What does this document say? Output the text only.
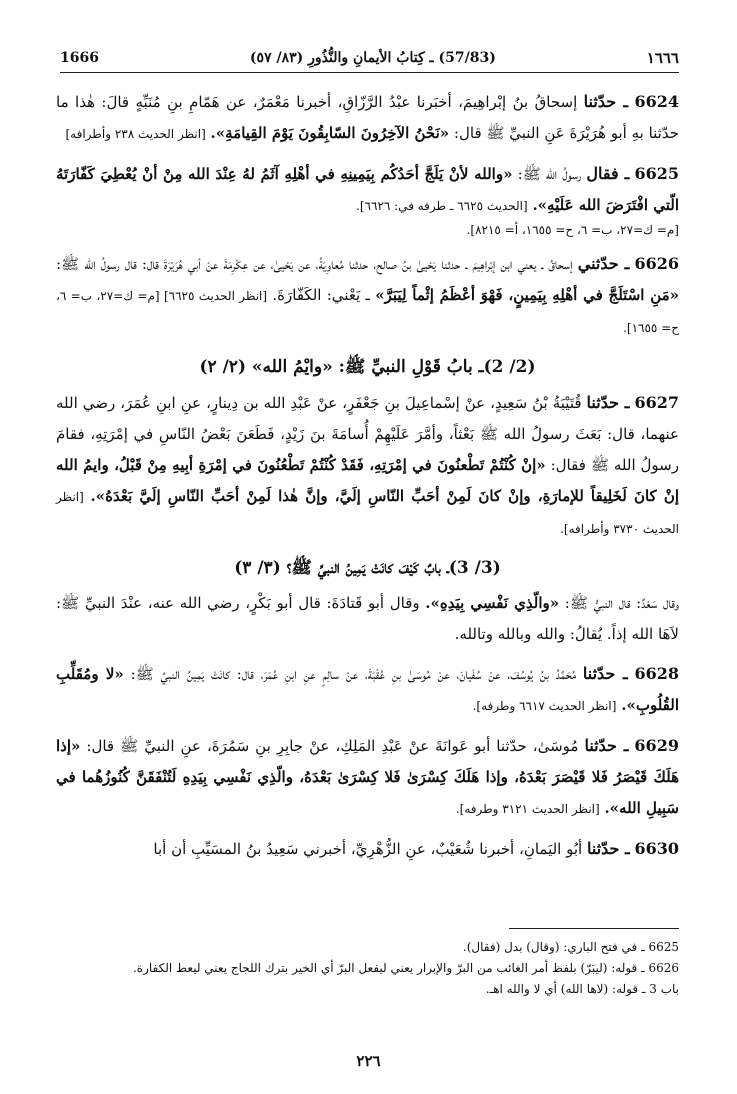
١٦٦٦
(57/83) ـ كِتابُ الأيمانِ والنُّذُورِ (٨٣/ ٥٧)
1666

6624 ـ حدّثنا إسحاقُ بنُ إبْراهِيمَ، أخبَرنا عبْدُ الرَّزّاقِ، أخبرنا مَعْمَرٌ، عن هَمّامِ بنِ مُنَبِّهٍ قالَ: هٰذا ما حدّثنا بهِ أبو هُرَيْرَةَ عَنِ النبيِّ ﷺ قال: «نَحْنُ الآخِرُونَ السّابِقُونَ يَوْمَ القِيامَةِ». [انظر الحديث ٢٣٨ وأطرافه]

6625 ـ فقال رسولُ الله ﷺ: «والله لأنْ يَلَجَّ أحَدُكُم بِيَمِينِهِ في أهْلِهِ آثَمُ لهُ عِنْدَ الله مِنْ أنْ يُعْطِيَ كَفّارَتَهُ الّتي افْتَرَضَ الله عَلَيْهِ». [الحديث ٦٦٢٥ ـ طرفه في: ٦٦٢٦].

[م= ك=٢٧، ب= ٦، ح= ١٦٥٥، أ= ٨٢١٥].

6626 ـ حدّثني إسحاقُ ـ يعني ابن إبْراهِيمَ ـ حدثنا يَحْيىٰ بنُ صالح، حدثنا مُعاوِيَةُ، عن يَحْيىٰ، عن عِكْرِمَةَ عنْ أبي هُرَيْرَةَ قال: قال رسولُ الله ﷺ: «مَنِ اسْتَلَجَّ في أهْلِهِ بِيَمِينٍ، فَهْوَ أعْظَمُ إثْماً لِيَبَرَّ» ـ يَعْني: الكَفّارَةَ. [انظر الحديث ٦٦٢٥] [م= ك=٢٧، ب= ٦، ح= ١٦٥٥].

(2/ 2)ـ بابُ قَوْلِ النبيِّ ﷺ: «وايْمُ الله» (٢/ ٢)

6627 ـ حدّثنا قُتَيْبَةُ بْنُ سَعِيدٍ، عنْ إسْماعِيلَ بنِ جَعْفَرٍ، عنْ عَبْدِ الله بن دِينارٍ، عنِ ابنِ عُمَرَ، رضي الله عنهما، قال: بَعَثَ رسولُ الله ﷺ بَعْثاً، وأمَّرَ عَلَيْهِمْ أُسامَةَ بنَ زَيْدٍ، فَطَعَنَ بَعْضُ النّاسِ في إمْرَتِهِ، فقامَ رسولُ الله ﷺ فقال: «إنْ كُنْتُمْ تَطْعنُونَ في إمْرَتِهِ، فَقَدْ كُنْتُمْ تَطْعُنُونَ في إمْرَةِ أبِيهِ مِنْ قَبْلُ، وايمُ الله إنْ كانَ لَخَلِيقاً للإمارَةِ، وإنْ كانَ لَمِنْ أحَبِّ النّاسِ إلَيَّ، وإنَّ هٰذا لَمِنْ أحَبِّ النّاسِ إلَيَّ بَعْدَهُ». [انظر الحديث ٣٧٣٠ وأطرافه].

(3/ 3)ـ بابٌ كَيْفَ كانَتْ يَمِينُ النبيِّ ﷺ؟ (٣/ ٣)

وقال سَعْدٌ: قال النبيُّ ﷺ: «والّذِي نَفْسِي بِيَدِهِ». وقال أبو قَتادَةَ: قال أبو بَكْرٍ، رضي الله عنه، عنْدَ النبيِّ ﷺ: لاَهَا الله إذاً. يُقالُ: والله وبالله وتالله.

6628 ـ حدّثنا مُحَمَّدُ بنُ يُوسُفَ، عنْ سُفْيانَ، عنْ مُوسَىٰ بنِ عُقْبَةَ، عنْ سالِمٍ عنِ ابنِ عُمَرَ، قال: كانَتْ يَمِينُ النبيِّ ﷺ: «لا ومُقَلِّبِ القُلُوبِ». [انظر الحديث ٦٦١٧ وطرفه].

6629 ـ حدّثنا مُوسَىٰ، حدّثنا أبو عَوانَةَ عنْ عَبْدِ المَلِكِ، عنْ جابِرِ بنِ سَمُرَةَ، عنِ النبيِّ ﷺ قال: «إذا هَلَكَ قَيْصَرُ فَلا قَيْصَرَ بَعْدَهُ، وإذا هَلَكَ كِسْرَىٰ فَلا كِسْرَىٰ بَعْدَهُ، والّذِي نَفْسِي بِيَدِهِ لَتُنْفَقَنَّ كُنُوزُهُما في سَبِيلِ الله». [انظر الحديث ٣١٢١ وطرفه].

6630 ـ حدّثنا أبُو اليَمانِ، أخبرنا شُعَيْبٌ، عنِ الزُّهْرِيِّ، أخبرني سَعِيدُ بنُ المسَيِّبِ أن أبا

6625 ـ في فتح الباري: (وقال) بدل (فقال).

6626 ـ قوله: (ليبَرّ) بلفظ أمر الغائب من البرّ والإبرار يعني ليفعل البرّ أي الخير بترك اللجاج يعني ليعط الكفارة.

باب 3 ـ قوله: (لاها الله) أي لا والله اهـ.

٢٢٦
